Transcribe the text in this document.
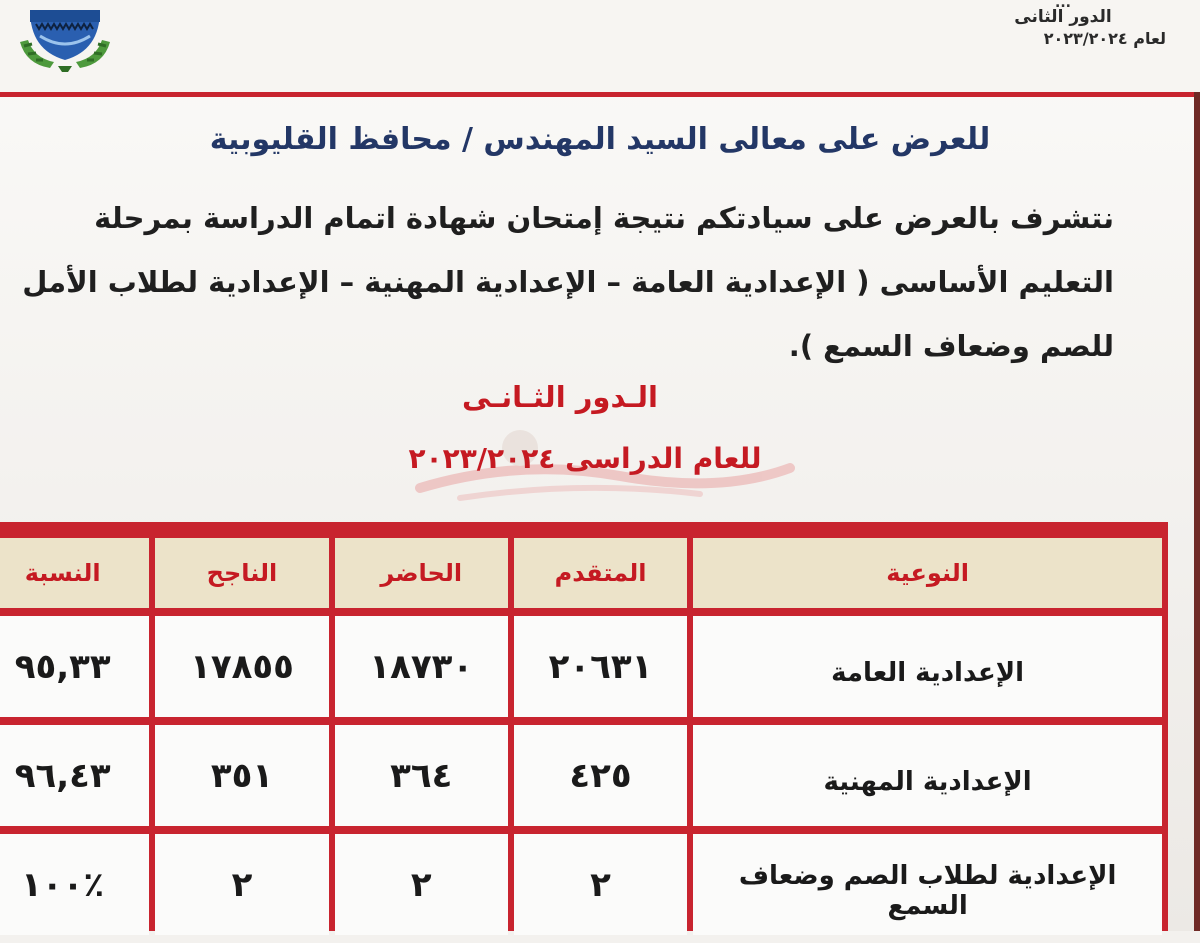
...
الدور الثانى
لعام ٢٠٢٣/٢٠٢٤
للعرض على معالى السيد المهندس / محافظ القليوبية
نتشرف بالعرض على سيادتكم نتيجة إمتحان شهادة اتمام الدراسة بمرحلة
التعليم الأساسى ( الإعدادية العامة – الإعدادية المهنية – الإعدادية لطلاب الأمل
للصم وضعاف السمع ).
الـدور الثـانـى
للعام الدراسى ٢٠٢٣/٢٠٢٤
النوعية	المتقدم	الحاضر	الناجح	النسبة
الإعدادية العامة	٢٠٦٣١	١٨٧٣٠	١٧٨٥٥	٩٥,٣٣
الإعدادية المهنية	٤٢٥	٣٦٤	٣٥١	٩٦,٤٣
الإعدادية لطلاب الصم وضعاف السمع	٢	٢	٢	٪١٠٠
